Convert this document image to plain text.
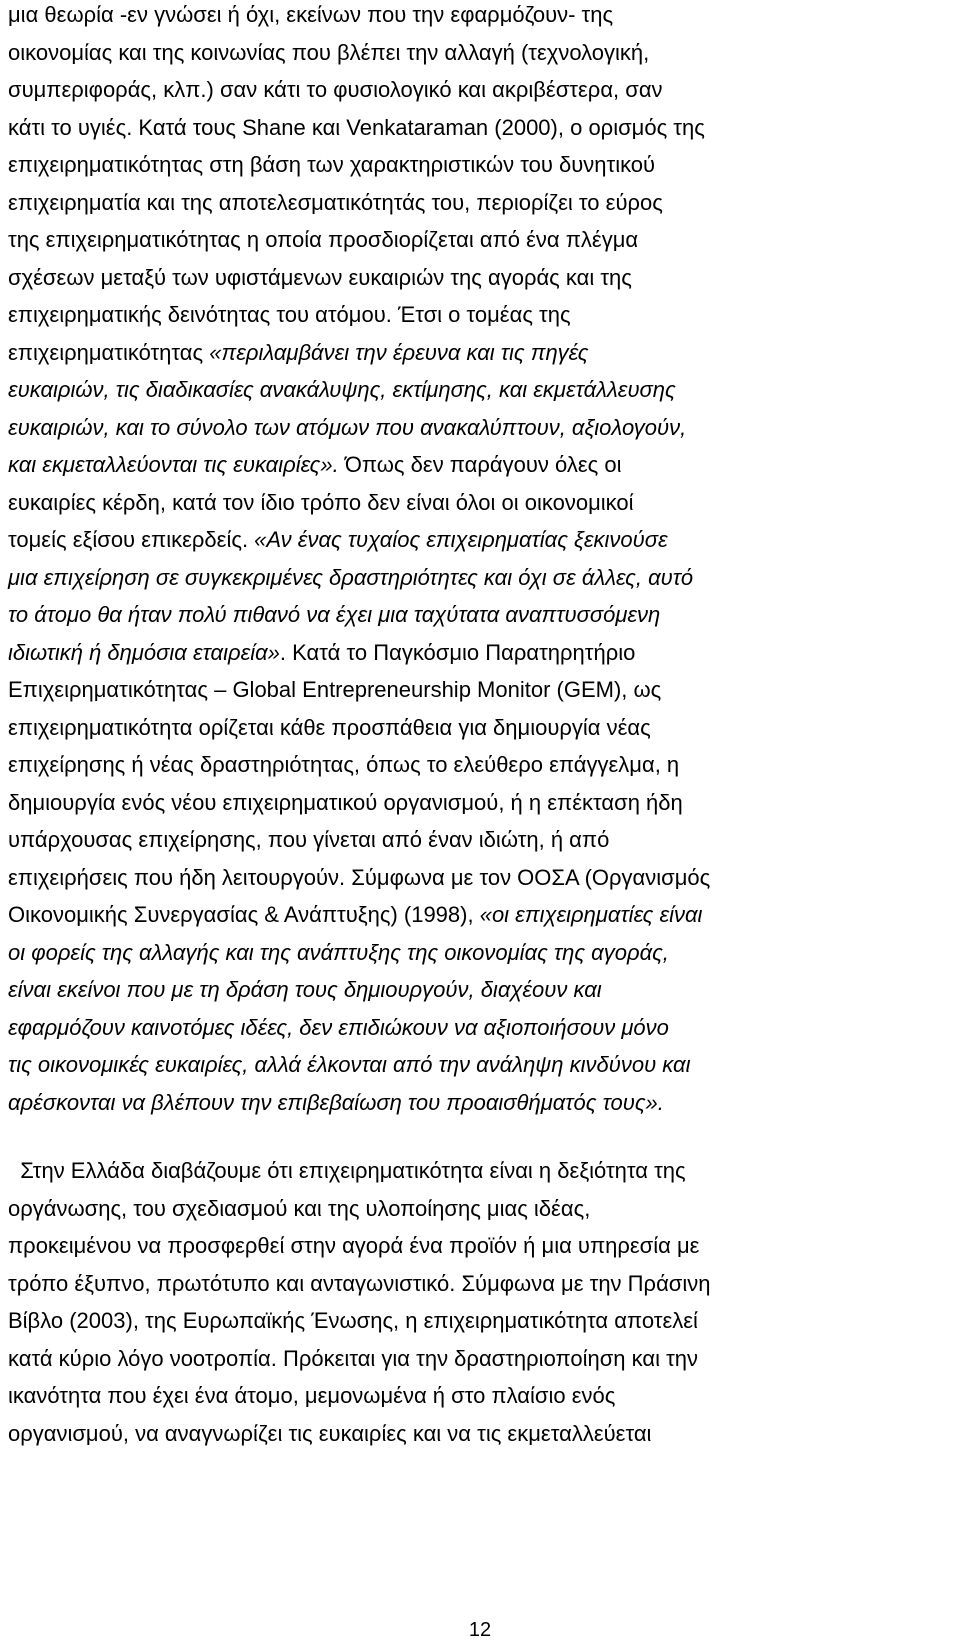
μια θεωρία -εν γνώσει ή όχι, εκείνων που την εφαρμόζουν- της
οικονομίας και της κοινωνίας που βλέπει την αλλαγή (τεχνολογική,
συμπεριφοράς, κλπ.) σαν κάτι το φυσιολογικό και ακριβέστερα, σαν
κάτι το υγιές. Κατά τους Shane και Venkataraman (2000), ο ορισμός της
επιχειρηματικότητας στη βάση των χαρακτηριστικών του δυνητικού
επιχειρηματία και της αποτελεσματικότητάς του, περιορίζει το εύρος
της επιχειρηματικότητας η οποία προσδιορίζεται από ένα πλέγμα
σχέσεων μεταξύ των υφιστάμενων ευκαιριών της αγοράς και της
επιχειρηματικής δεινότητας του ατόμου. Έτσι ο τομέας της
επιχειρηματικότητας «περιλαμβάνει την έρευνα και τις πηγές
ευκαιριών, τις διαδικασίες ανακάλυψης, εκτίμησης, και εκμετάλλευσης
ευκαιριών, και το σύνολο των ατόμων που ανακαλύπτουν, αξιολογούν,
και εκμεταλλεύονται τις ευκαιρίες». Όπως δεν παράγουν όλες οι
ευκαιρίες κέρδη, κατά τον ίδιο τρόπο δεν είναι όλοι οι οικονομικοί
τομείς εξίσου επικερδείς. «Αν ένας τυχαίος επιχειρηματίας ξεκινούσε
μια επιχείρηση σε συγκεκριμένες δραστηριότητες και όχι σε άλλες, αυτό
το άτομο θα ήταν πολύ πιθανό να έχει μια ταχύτατα αναπτυσσόμενη
ιδιωτική ή δημόσια εταιρεία». Κατά το Παγκόσμιο Παρατηρητήριο
Επιχειρηματικότητας – Global Entrepreneurship Monitor (GEM), ως
επιχειρηματικότητα ορίζεται κάθε προσπάθεια για δημιουργία νέας
επιχείρησης ή νέας δραστηριότητας, όπως το ελεύθερο επάγγελμα, η
δημιουργία ενός νέου επιχειρηματικού οργανισμού, ή η επέκταση ήδη
υπάρχουσας επιχείρησης, που γίνεται από έναν ιδιώτη, ή από
επιχειρήσεις που ήδη λειτουργούν. Σύμφωνα με τον ΟΟΣΑ (Οργανισμός
Οικονομικής Συνεργασίας & Ανάπτυξης) (1998), «οι επιχειρηματίες είναι
οι φορείς της αλλαγής και της ανάπτυξης της οικονομίας της αγοράς,
είναι εκείνοι που με τη δράση τους δημιουργούν, διαχέουν και
εφαρμόζουν καινοτόμες ιδέες, δεν επιδιώκουν να αξιοποιήσουν μόνο
τις οικονομικές ευκαιρίες, αλλά έλκονται από την ανάληψη κινδύνου και
αρέσκονται να βλέπουν την επιβεβαίωση του προαισθήματός τους».
Στην Ελλάδα διαβάζουμε ότι επιχειρηματικότητα είναι η δεξιότητα της
οργάνωσης, του σχεδιασμού και της υλοποίησης μιας ιδέας,
προκειμένου να προσφερθεί στην αγορά ένα προϊόν ή μια υπηρεσία με
τρόπο έξυπνο, πρωτότυπο και ανταγωνιστικό. Σύμφωνα με την Πράσινη
Βίβλο (2003), της Ευρωπαϊκής Ένωσης, η επιχειρηματικότητα αποτελεί
κατά κύριο λόγο νοοτροπία. Πρόκειται για την δραστηριοποίηση και την
ικανότητα που έχει ένα άτομο, μεμονωμένα ή στο πλαίσιο ενός
οργανισμού, να αναγνωρίζει τις ευκαιρίες και να τις εκμεταλλεύεται
12
